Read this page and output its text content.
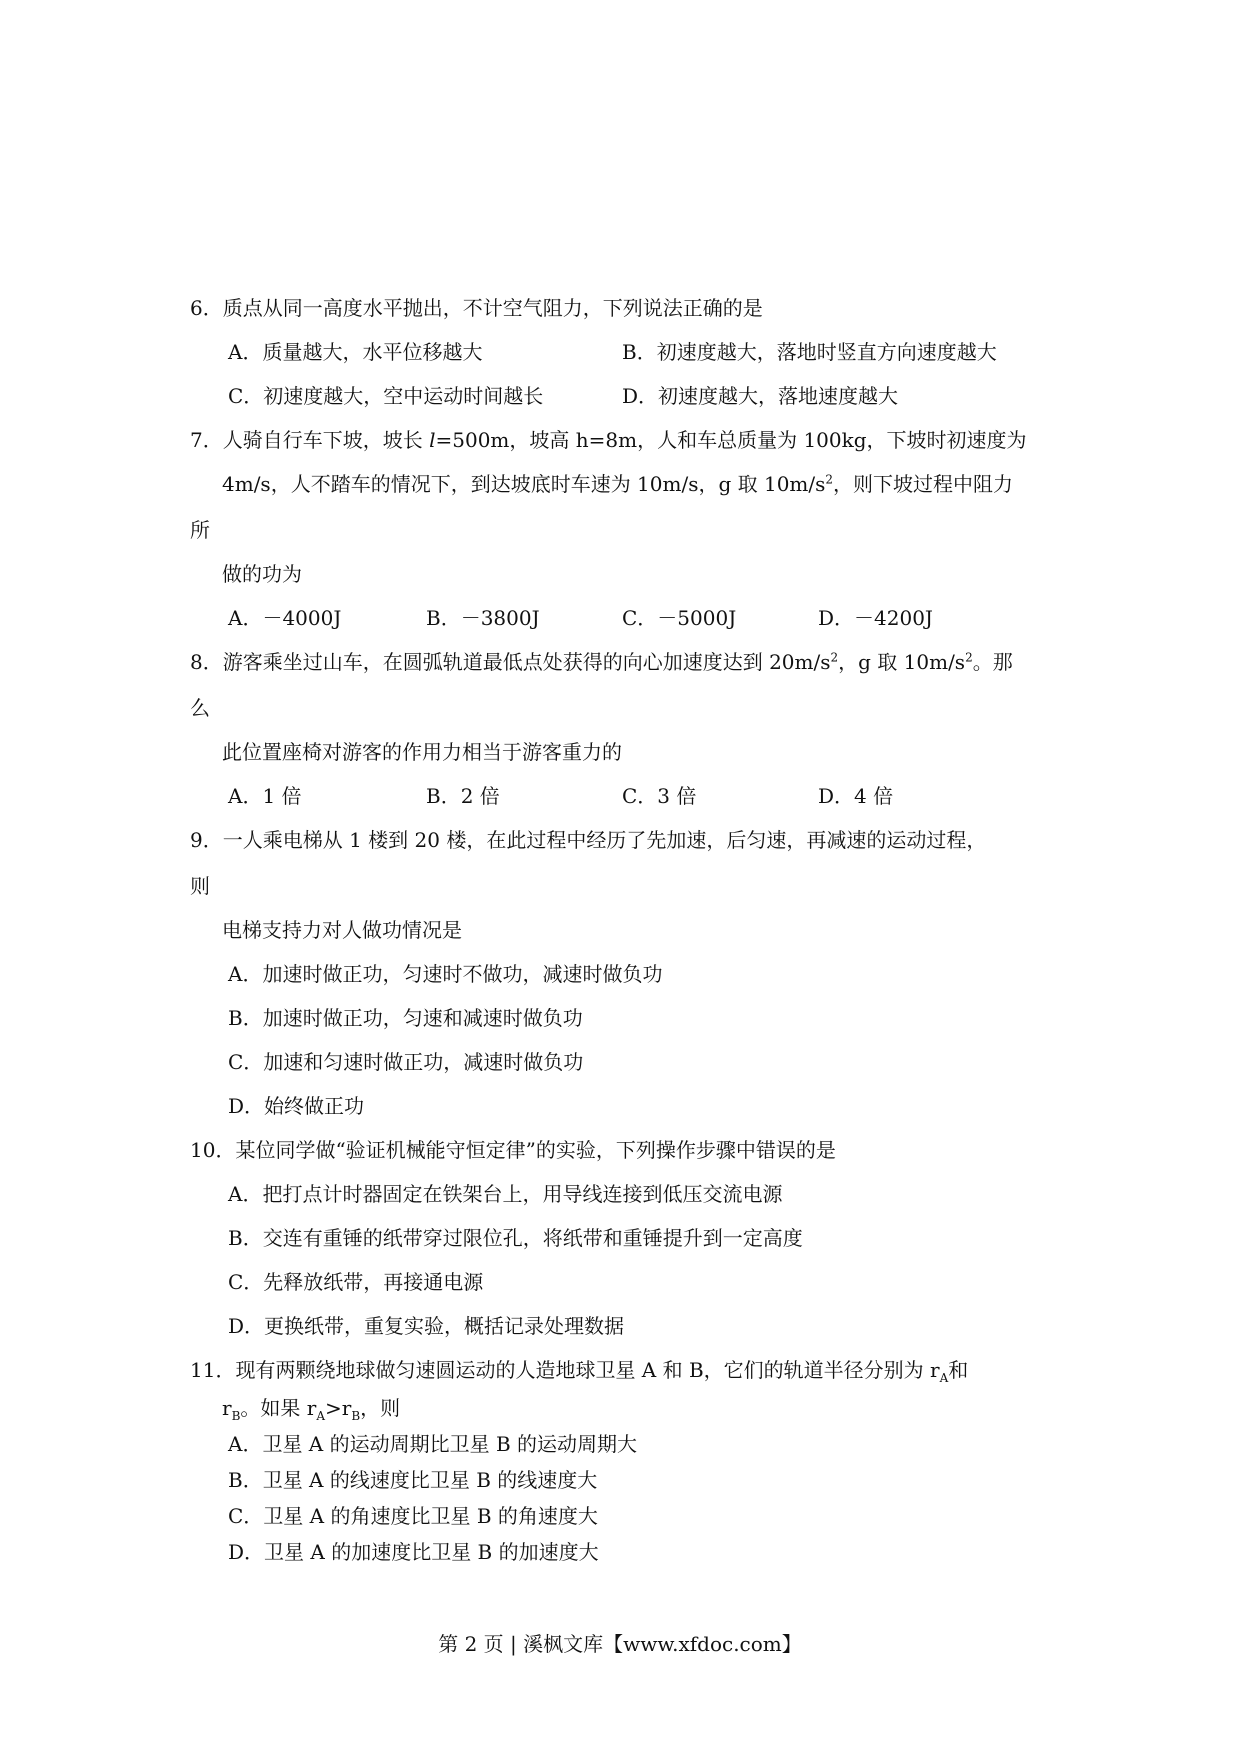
6．质点从同一高度水平抛出，不计空气阻力，下列说法正确的是
A．质量越大，水平位移越大	B．初速度越大，落地时竖直方向速度越大
C．初速度越大，空中运动时间越长	D．初速度越大，落地速度越大
7．人骑自行车下坡，坡长 l=500m，坡高 h=8m，人和车总质量为 100kg，下坡时初速度为
4m/s，人不踏车的情况下，到达坡底时车速为 10m/s，g 取 $10m/s^2$，则下坡过程中阻力
所
做的功为
A．－4000J	B．－3800J	C．－5000J	D．－4200J
8．游客乘坐过山车，在圆弧轨道最低点处获得的向心加速度达到 $20m/s^2$，g 取 $10m/s^2$。那
么
此位置座椅对游客的作用力相当于游客重力的
A．1 倍	B．2 倍	C．3 倍	D．4 倍
9．一人乘电梯从 1 楼到 20 楼，在此过程中经历了先加速，后匀速，再减速的运动过程，
则
电梯支持力对人做功情况是
A．加速时做正功，匀速时不做功，减速时做负功
B．加速时做正功，匀速和减速时做负功
C．加速和匀速时做正功，减速时做负功
D．始终做正功
10．某位同学做“验证机械能守恒定律”的实验，下列操作步骤中错误的是
A．把打点计时器固定在铁架台上，用导线连接到低压交流电源
B．交连有重锤的纸带穿过限位孔，将纸带和重锤提升到一定高度
C．先释放纸带，再接通电源
D．更换纸带，重复实验，概括记录处理数据
11．现有两颗绕地球做匀速圆运动的人造地球卫星 A 和 B，它们的轨道半径分别为 $r_A$和
$r_B$。如果 $r_A>r_B$，则
A．卫星 A 的运动周期比卫星 B 的运动周期大
B．卫星 A 的线速度比卫星 B 的线速度大
C．卫星 A 的角速度比卫星 B 的角速度大
D．卫星 A 的加速度比卫星 B 的加速度大
第 2 页 | 溪枫文库【www.xfdoc.com】
